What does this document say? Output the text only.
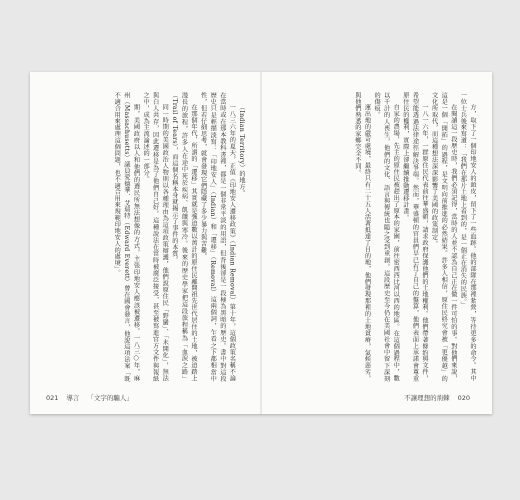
（Indian Territory）的地方。

一八三六年的夏天，正值《印地安人遷移政策》（Indian Removal）第十年，這個政策名稱不論在當時或在那本教科書裡，都是一個非常平淡的用語，但背後卻是一段極為黑暗的歷史。書中對這段歷史只是輕描淡寫：「印地安人」（Indian）和「遷移」（Removal）這兩個詞，乍看之下都相當中性，但若仔細思考，就會發現它們隱藏了多少暴力與苦難。

在那個年代，所謂的「遷移」其實就是強迫數以萬計的原住民離開祖先世代居住的土地，被迫踏上漫長的旅程，許多人在途中死於疾病、飢餓與寒冷。後來的歷史學家把這段旅程稱為「血淚之路」（Trail of Tears），而這個名稱本身就揭示了事件的本質。

同一時期的美國政治人物則以各種理由為這項政策辯護，他們說原住民「野蠻」、「未開化」，無法與白人共存，因此遷移是為了他們自己好。這種說法在當時被廣泛接受，甚至被寫進官方文件與報紙之中，成為主流論述的一部分。

期，美國政府以人和他們的選民所無法想像的方式，主張印地安人應該被遷移。一八三○年，麻州（Massachusetts）議員愛德華．艾瑞特（Edward Everett）曾在國會發言，他說這項法案「既不適合用來處理這個問題，也不適合用來規範印地安人的處境」。

021 導言 「文字的騙人」

方，取下了一個印地安人的頭皮，留下了一些血跡。他的部隊在那裡紮營，等待更多的命令。其中一位士兵後來寫道：「我們在那片土地上看到的，是一個正在消失的民族。」

在閱讀這一段歷史時，我們必須記得，當時的人並不認為自己正在做一件可怕的事。對他們來說，這是一個「開拓」的過程，是文明向前推進的必然結果。許多人相信，原住民終究會被「更優越」的文化所取代，而這種想法深深影響了美國的政策制定。

一八一六年，一群原住民代表前往華盛頓，請求政府保護他們的土地權利。他們帶著條約與文件，希望能透過法律途徑解決爭端。然而，華盛頓的官員們早已有了自己的盤算，他們表面上承諾會尊重原住民的權利，實際上卻繼續推動遷移計畫。

自家的農場，先主的原住民被趕出了原本的家園，前往密西西比河以西的地區。在這個過程中，數以千計的人喪生，他們的文化、語言與傳統也隨之受到重創。這段歷史至今仍在美國社會中留下深刻的傷痕。

運出地的嚴苛處境，最終只有二十五人活著抵達了目的地，他們發現那裡的土地貧瘠，氣候惡劣，與他們熟悉的家鄉完全不同。

不讓理想的荊棘 020
